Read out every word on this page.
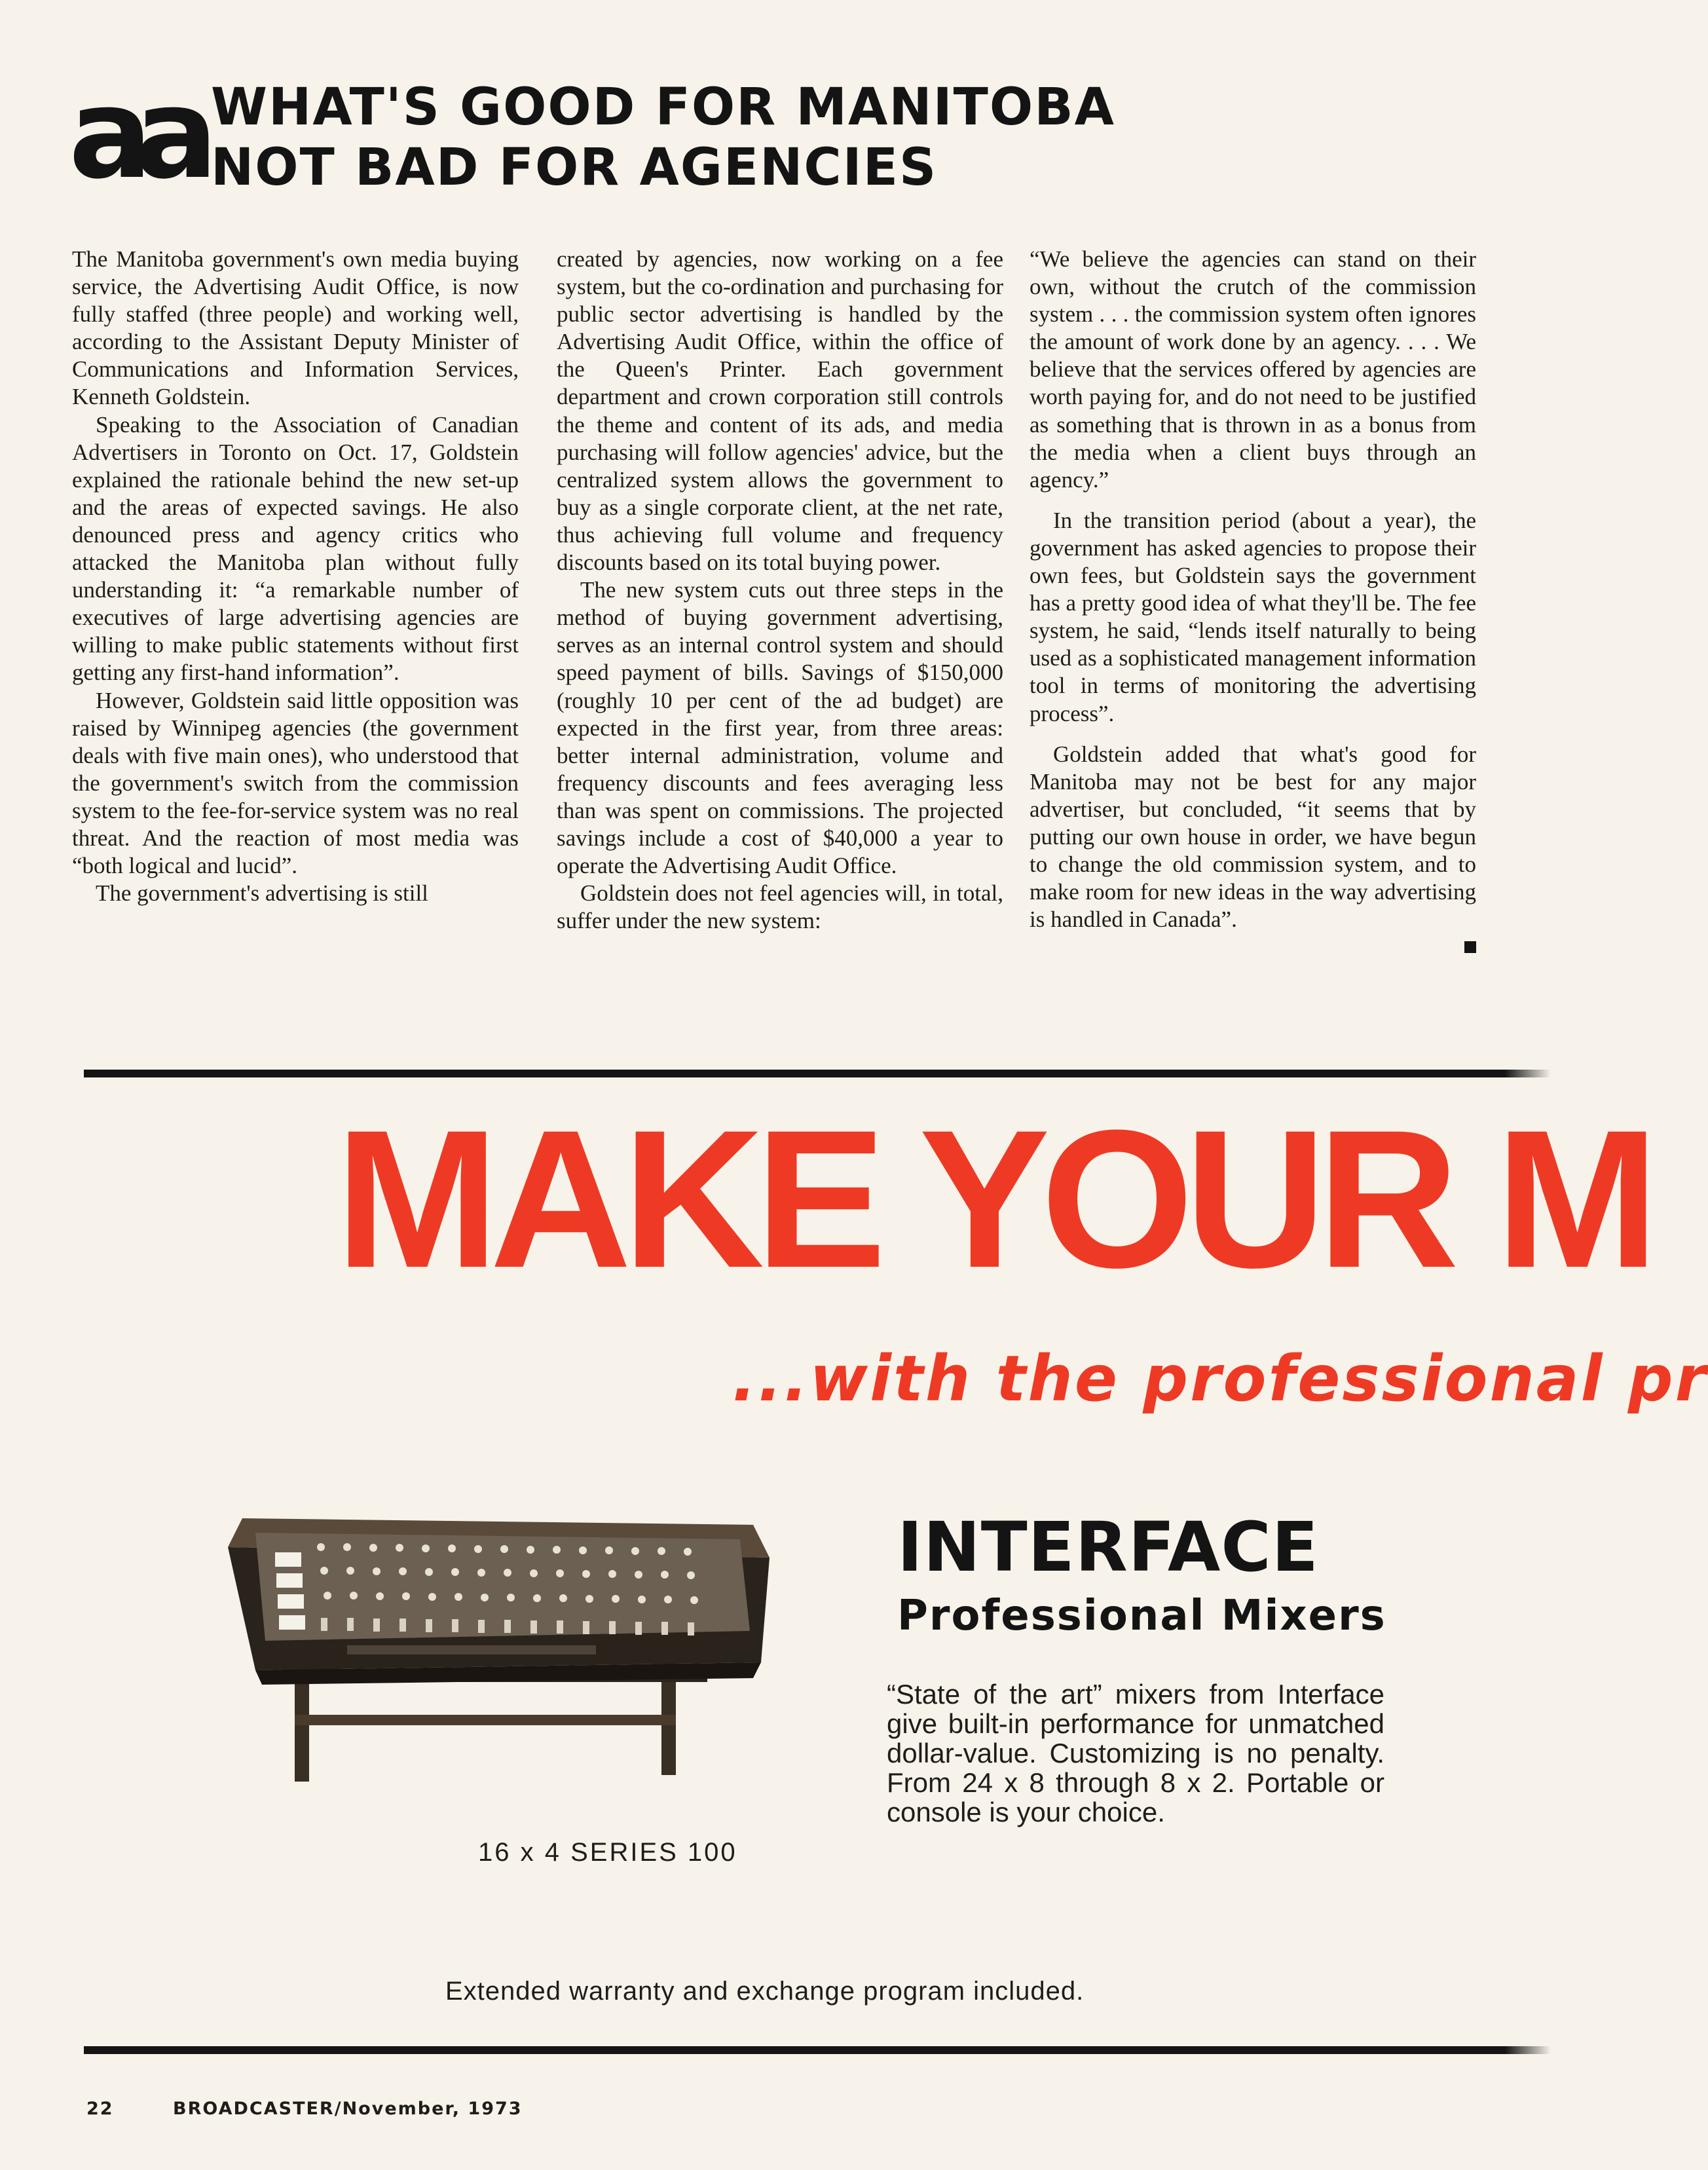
aa WHAT'S GOOD FOR MANITOBA
NOT BAD FOR AGENCIES

The Manitoba government's own media buying service, the Advertising Audit Office, is now fully staffed (three people) and working well, according to the Assistant Deputy Minister of Communications and Information Services, Kenneth Goldstein.

Speaking to the Association of Canadian Advertisers in Toronto on Oct. 17, Goldstein explained the rationale behind the new set-up and the areas of expected savings. He also denounced press and agency critics who attacked the Manitoba plan without fully understanding it: “a remarkable number of executives of large advertising agencies are willing to make public statements without first getting any first-hand information”.

However, Goldstein said little opposition was raised by Winnipeg agencies (the government deals with five main ones), who understood that the government's switch from the commission system to the fee-for-service system was no real threat. And the reaction of most media was “both logical and lucid”.

The government's advertising is still

created by agencies, now working on a fee system, but the co-ordination and purchasing for public sector advertising is handled by the Advertising Audit Office, within the office of the Queen's Printer. Each government department and crown corporation still controls the theme and content of its ads, and media purchasing will follow agencies' advice, but the centralized system allows the government to buy as a single corporate client, at the net rate, thus achieving full volume and frequency discounts based on its total buying power.

The new system cuts out three steps in the method of buying government advertising, serves as an internal control system and should speed payment of bills. Savings of $150,000 (roughly 10 per cent of the ad budget) are expected in the first year, from three areas: better internal administration, volume and frequency discounts and fees averaging less than was spent on commissions. The projected savings include a cost of $40,000 a year to operate the Advertising Audit Office.

Goldstein does not feel agencies will, in total, suffer under the new system:

“We believe the agencies can stand on their own, without the crutch of the commission system . . . the commission system often ignores the amount of work done by an agency. . . . We believe that the services offered by agencies are worth paying for, and do not need to be justified as something that is thrown in as a bonus from the media when a client buys through an agency.”

In the transition period (about a year), the government has asked agencies to propose their own fees, but Goldstein says the government has a pretty good idea of what they'll be. The fee system, he said, “lends itself naturally to being used as a sophisticated management information tool in terms of monitoring the advertising process”.

Goldstein added that what's good for Manitoba may not be best for any major advertiser, but concluded, “it seems that by putting our own house in order, we have begun to change the old commission system, and to make room for new ideas in the way advertising is handled in Canada”.

MAKE YOUR M
...with the professional pr
16 x 4 SERIES 100
INTERFACE
Professional Mixers
“State of the art” mixers from Interface give built-in performance for unmatched dollar-value. Customizing is no penalty. From 24 x 8 through 8 x 2. Portable or console is your choice.
Extended warranty and exchange program included.
22	BROADCASTER/November, 1973
